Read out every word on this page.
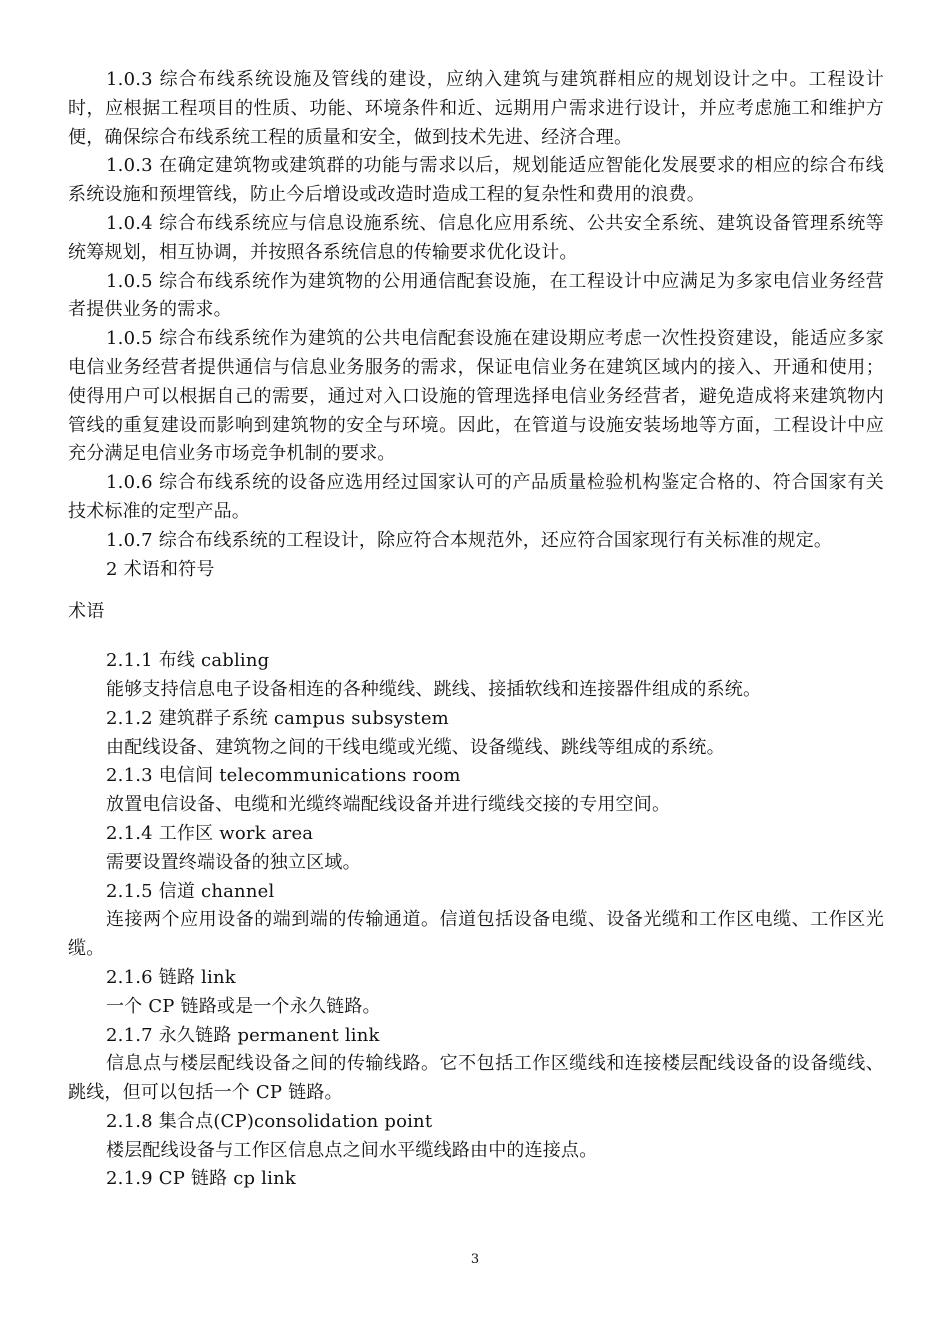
1.0.3 综合布线系统设施及管线的建设，应纳入建筑与建筑群相应的规划设计之中。工程设计时，应根据工程项目的性质、功能、环境条件和近、远期用户需求进行设计，并应考虑施工和维护方便，确保综合布线系统工程的质量和安全，做到技术先进、经济合理。

1.0.3 在确定建筑物或建筑群的功能与需求以后，规划能适应智能化发展要求的相应的综合布线系统设施和预埋管线，防止今后增设或改造时造成工程的复杂性和费用的浪费。

1.0.4 综合布线系统应与信息设施系统、信息化应用系统、公共安全系统、建筑设备管理系统等统筹规划，相互协调，并按照各系统信息的传输要求优化设计。

1.0.5 综合布线系统作为建筑物的公用通信配套设施，在工程设计中应满足为多家电信业务经营者提供业务的需求。

1.0.5 综合布线系统作为建筑的公共电信配套设施在建设期应考虑一次性投资建设，能适应多家电信业务经营者提供通信与信息业务服务的需求，保证电信业务在建筑区域内的接入、开通和使用；使得用户可以根据自己的需要，通过对入口设施的管理选择电信业务经营者，避免造成将来建筑物内管线的重复建设而影响到建筑物的安全与环境。因此，在管道与设施安装场地等方面，工程设计中应充分满足电信业务市场竞争机制的要求。

1.0.6 综合布线系统的设备应选用经过国家认可的产品质量检验机构鉴定合格的、符合国家有关技术标准的定型产品。

1.0.7 综合布线系统的工程设计，除应符合本规范外，还应符合国家现行有关标准的规定。

2 术语和符号

术语

2.1.1 布线 cabling

能够支持信息电子设备相连的各种缆线、跳线、接插软线和连接器件组成的系统。

2.1.2 建筑群子系统 campus subsystem

由配线设备、建筑物之间的干线电缆或光缆、设备缆线、跳线等组成的系统。

2.1.3 电信间 telecommunications room

放置电信设备、电缆和光缆终端配线设备并进行缆线交接的专用空间。

2.1.4 工作区 work area

需要设置终端设备的独立区域。

2.1.5 信道 channel

连接两个应用设备的端到端的传输通道。信道包括设备电缆、设备光缆和工作区电缆、工作区光缆。

2.1.6 链路 link

一个 CP 链路或是一个永久链路。

2.1.7 永久链路 permanent link

信息点与楼层配线设备之间的传输线路。它不包括工作区缆线和连接楼层配线设备的设备缆线、跳线，但可以包括一个 CP 链路。

2.1.8 集合点(CP)consolidation point

楼层配线设备与工作区信息点之间水平缆线路由中的连接点。

2.1.9 CP 链路 cp link

3
